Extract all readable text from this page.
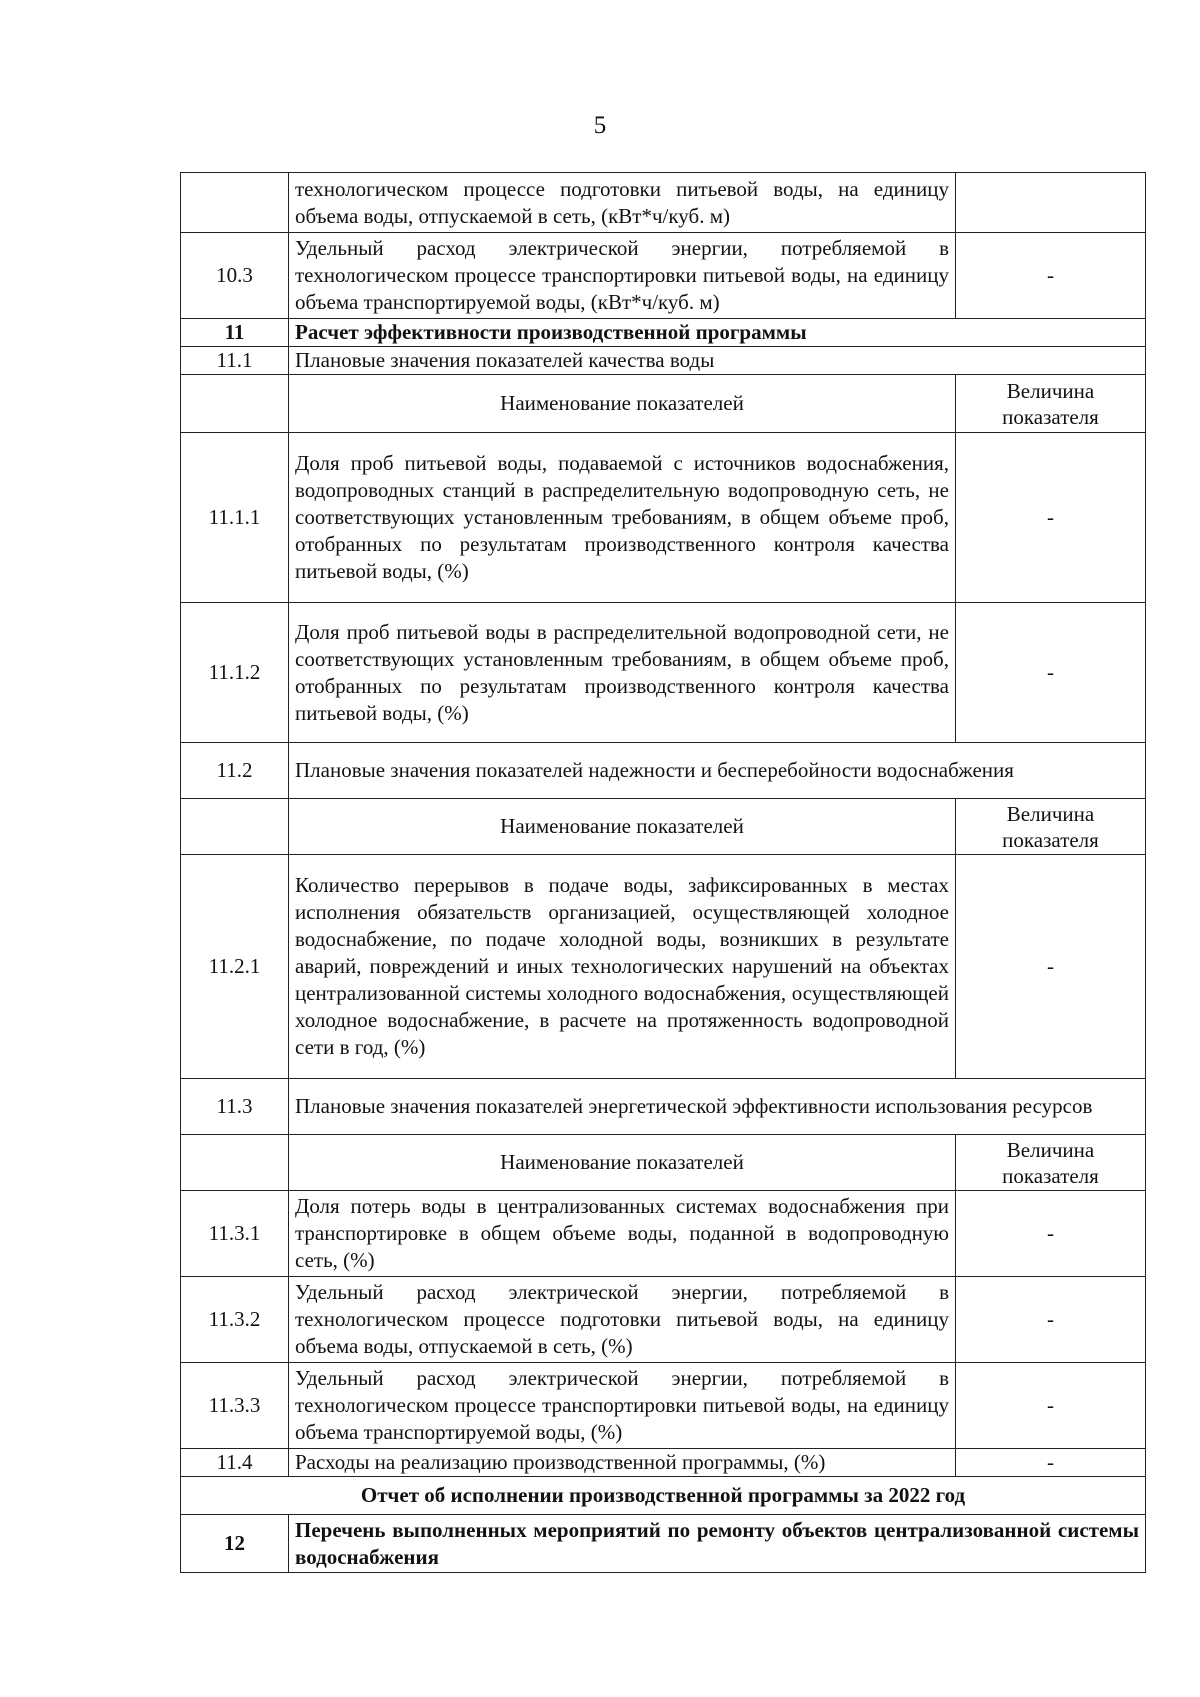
5
	технологическом процессе подготовки питьевой воды, на единицу объема воды, отпускаемой в сеть, (кВт*ч/куб. м)	
10.3	Удельный расход электрической энергии, потребляемой в технологическом процессе транспортировки питьевой воды, на единицу объема транспортируемой воды, (кВт*ч/куб. м)	-
11	Расчет эффективности производственной программы	
11.1	Плановые значения показателей качества воды	
	Наименование показателей	Величина показателя
11.1.1	Доля проб питьевой воды, подаваемой с источников водоснабжения, водопроводных станций в распределительную водопроводную сеть, не соответствующих установленным требованиям, в общем объеме проб, отобранных по результатам производственного контроля качества питьевой воды, (%)	-
11.1.2	Доля проб питьевой воды в распределительной водопроводной сети, не соответствующих установленным требованиям, в общем объеме проб, отобранных по результатам производственного контроля качества питьевой воды, (%)	-
11.2	Плановые значения показателей надежности и бесперебойности водоснабжения	
	Наименование показателей	Величина показателя
11.2.1	Количество перерывов в подаче воды, зафиксированных в местах исполнения обязательств организацией, осуществляющей холодное водоснабжение, по подаче холодной воды, возникших в результате аварий, повреждений и иных технологических нарушений на объектах централизованной системы холодного водоснабжения, осуществляющей холодное водоснабжение, в расчете на протяженность водопроводной сети в год, (%)	-
11.3	Плановые значения показателей энергетической эффективности использования ресурсов	
	Наименование показателей	Величина показателя
11.3.1	Доля потерь воды в централизованных системах водоснабжения при транспортировке в общем объеме воды, поданной в водопроводную сеть, (%)	-
11.3.2	Удельный расход электрической энергии, потребляемой в технологическом процессе подготовки питьевой воды, на единицу объема воды, отпускаемой в сеть, (%)	-
11.3.3	Удельный расход электрической энергии, потребляемой в технологическом процессе транспортировки питьевой воды, на единицу объема транспортируемой воды, (%)	-
11.4	Расходы на реализацию производственной программы, (%)	-
Отчет об исполнении производственной программы за 2022 год		
12	Перечень выполненных мероприятий по ремонту объектов централизованной системы водоснабжения	
